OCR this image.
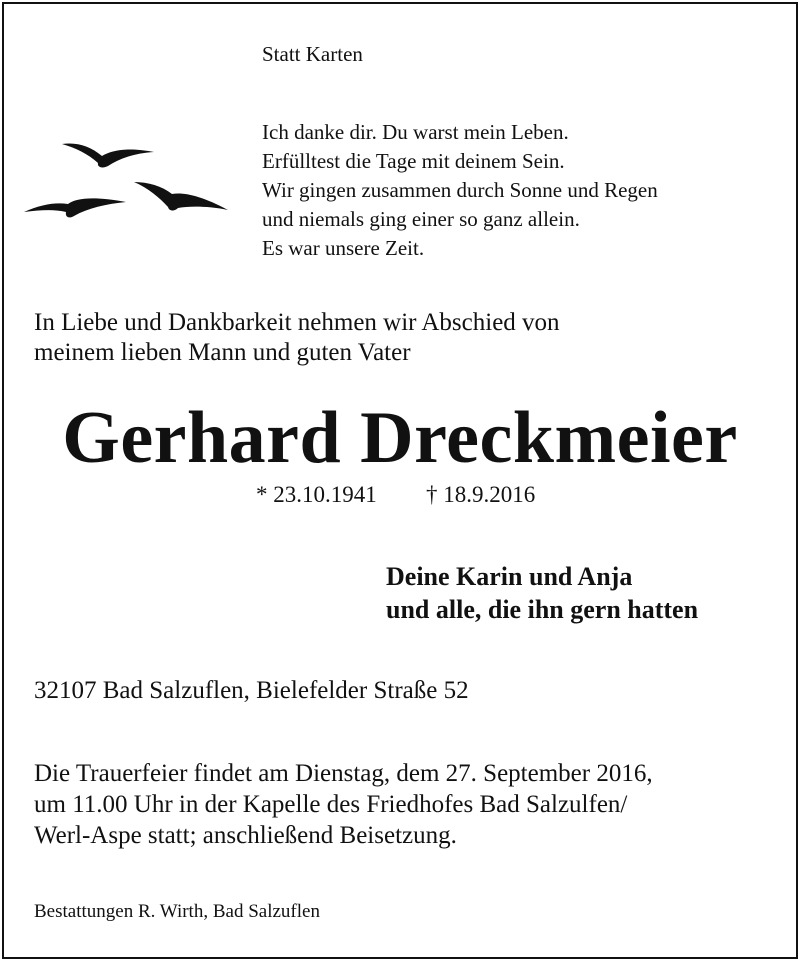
Statt Karten

Ich danke dir. Du warst mein Leben.
Erfülltest die Tage mit deinem Sein.
Wir gingen zusammen durch Sonne und Regen
und niemals ging einer so ganz allein.
Es war unsere Zeit.
In Liebe und Dankbarkeit nehmen wir Abschied von
meinem lieben Mann und guten Vater
Gerhard Dreckmeier

* 23.10.1941 † 18.9.2016

Deine Karin und Anja
und alle, die ihn gern hatten

32107 Bad Salzuflen, Bielefelder Straße 52

Die Trauerfeier findet am Dienstag, dem 27. September 2016,
um 11.00 Uhr in der Kapelle des Friedhofes Bad Salzulfen/
Werl-Aspe statt; anschließend Beisetzung.

Bestattungen R. Wirth, Bad Salzuflen
